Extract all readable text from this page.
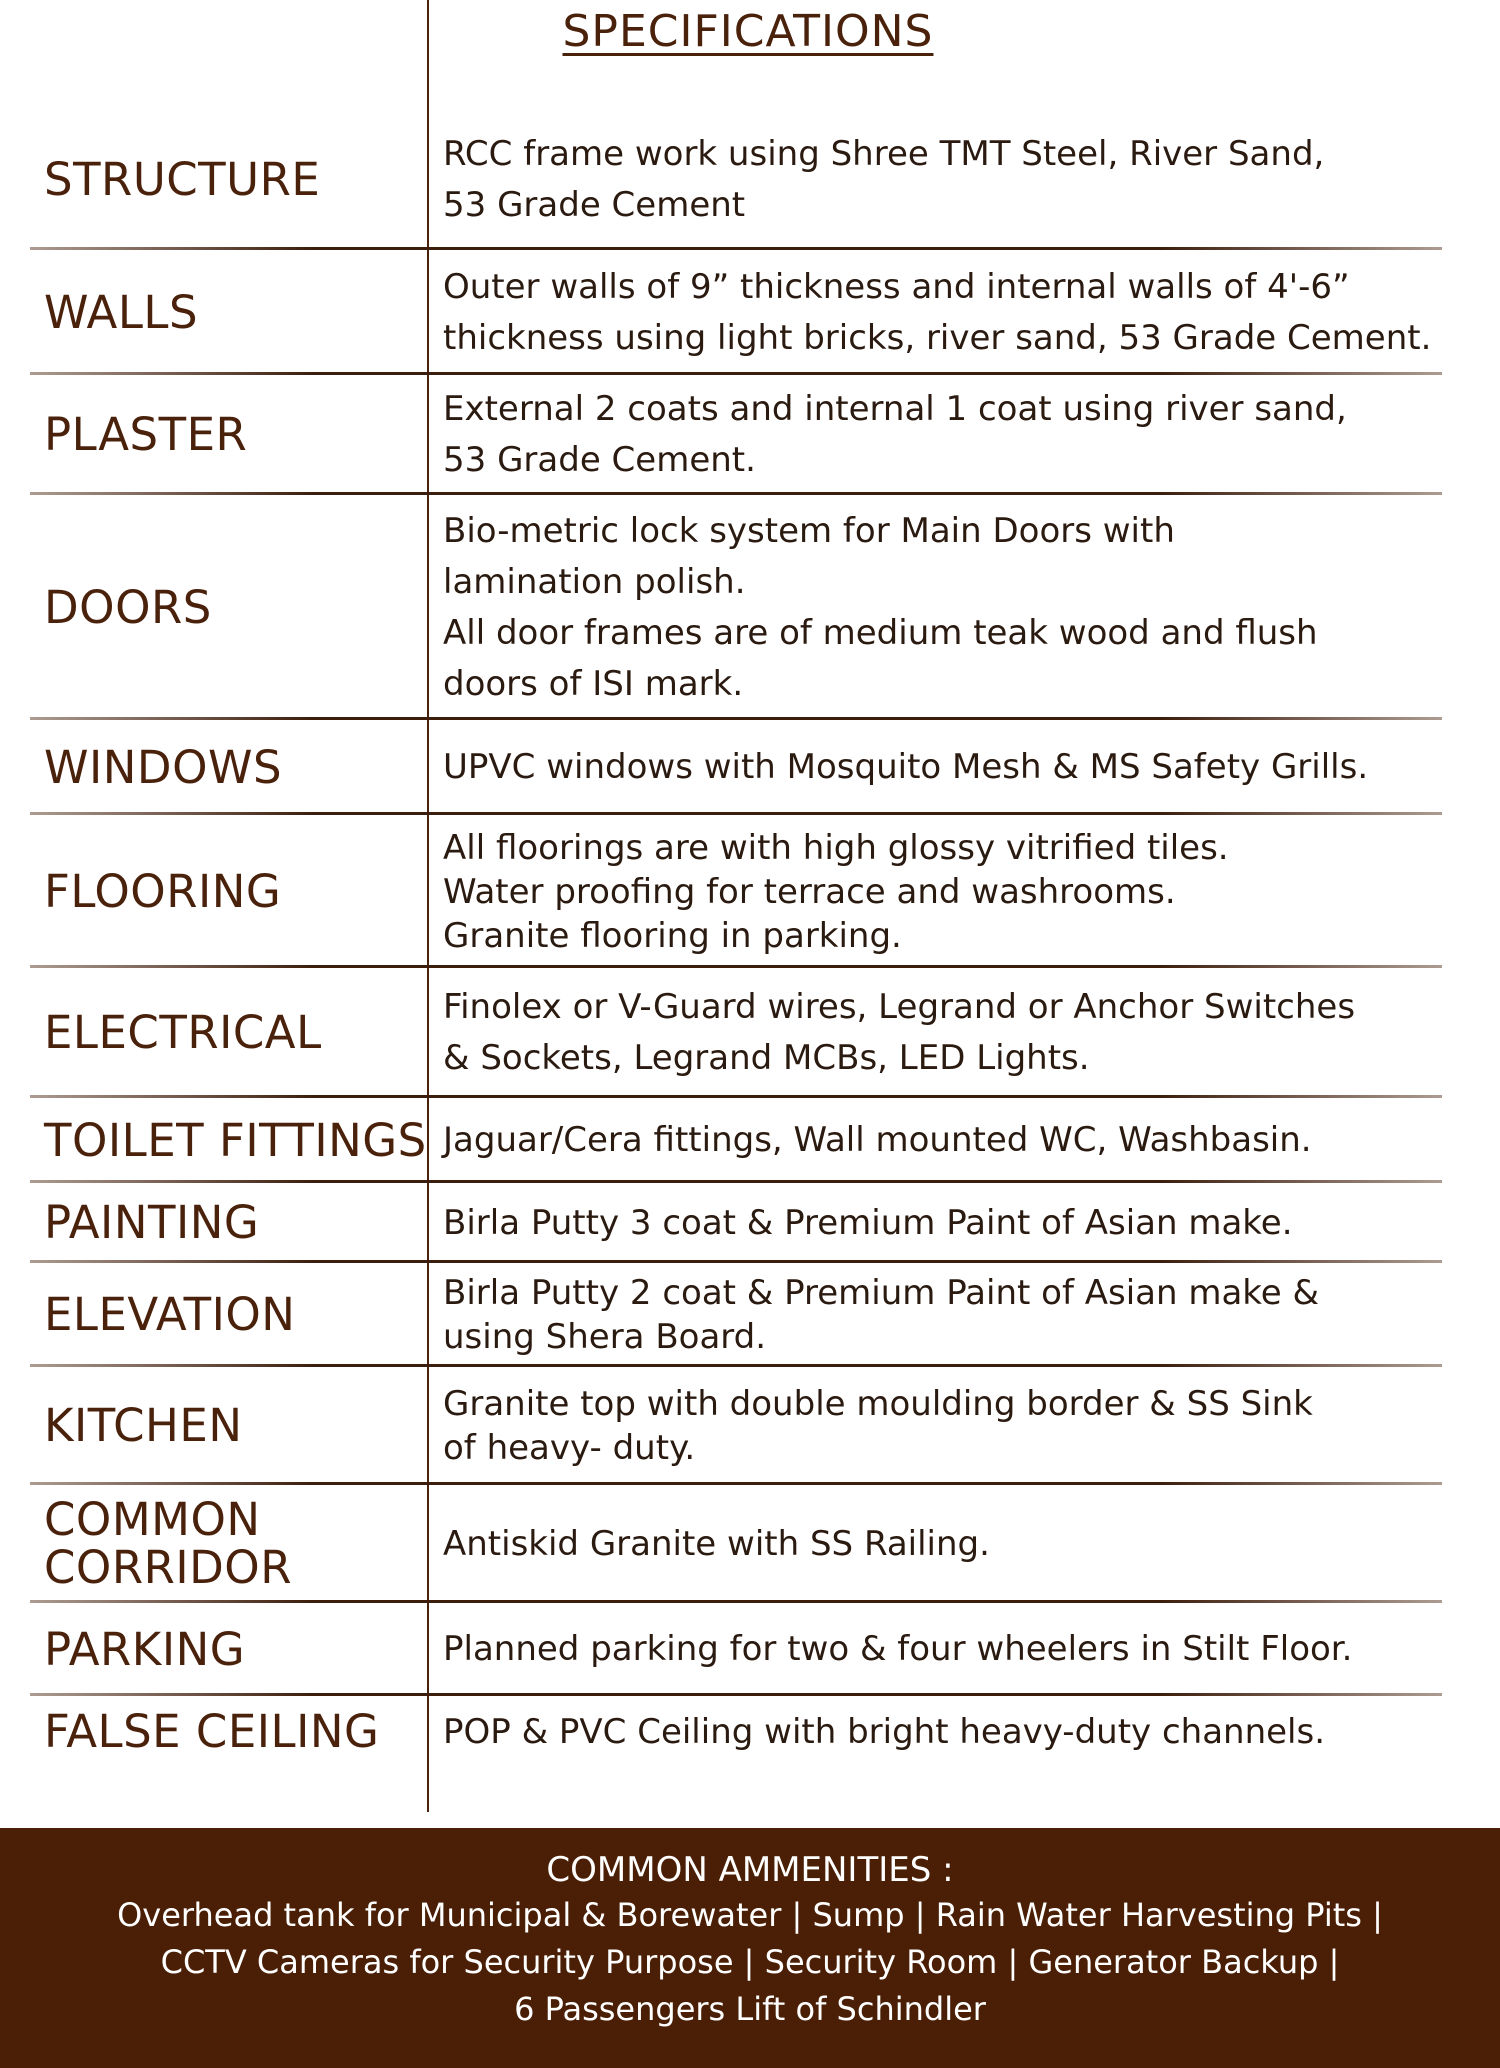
SPECIFICATIONS
STRUCTURE	RCC frame work using Shree TMT Steel, River Sand,
53 Grade Cement
WALLS	Outer walls of 9” thickness and internal walls of 4'-6”
thickness using light bricks, river sand, 53 Grade Cement.
PLASTER	External 2 coats and internal 1 coat using river sand,
53 Grade Cement.
DOORS
Bio-metric lock system for Main Doors with
lamination polish.
All door frames are of medium teak wood and flush
doors of ISI mark.
WINDOWS	UPVC windows with Mosquito Mesh & MS Safety Grills.
FLOORING
All floorings are with high glossy vitrified tiles.
Water proofing for terrace and washrooms.
Granite flooring in parking.
ELECTRICAL	Finolex or V-Guard wires, Legrand or Anchor Switches
& Sockets, Legrand MCBs, LED Lights.
TOILET FITTINGS Jaguar/Cera fittings, Wall mounted WC, Washbasin.
PAINTING	Birla Putty 3 coat & Premium Paint of Asian make.
ELEVATION	Birla Putty 2 coat & Premium Paint of Asian make &
using Shera Board.
KITCHEN	Granite top with double moulding border & SS Sink
of heavy- duty.
COMMON
CORRIDOR	Antiskid Granite with SS Railing.
PARKING	Planned parking for two & four wheelers in Stilt Floor.
FALSE CEILING	POP & PVC Ceiling with bright heavy-duty channels.
COMMON AMMENITIES :
Overhead tank for Municipal & Borewater | Sump | Rain Water Harvesting Pits |
CCTV Cameras for Security Purpose | Security Room | Generator Backup |
6 Passengers Lift of Schindler
